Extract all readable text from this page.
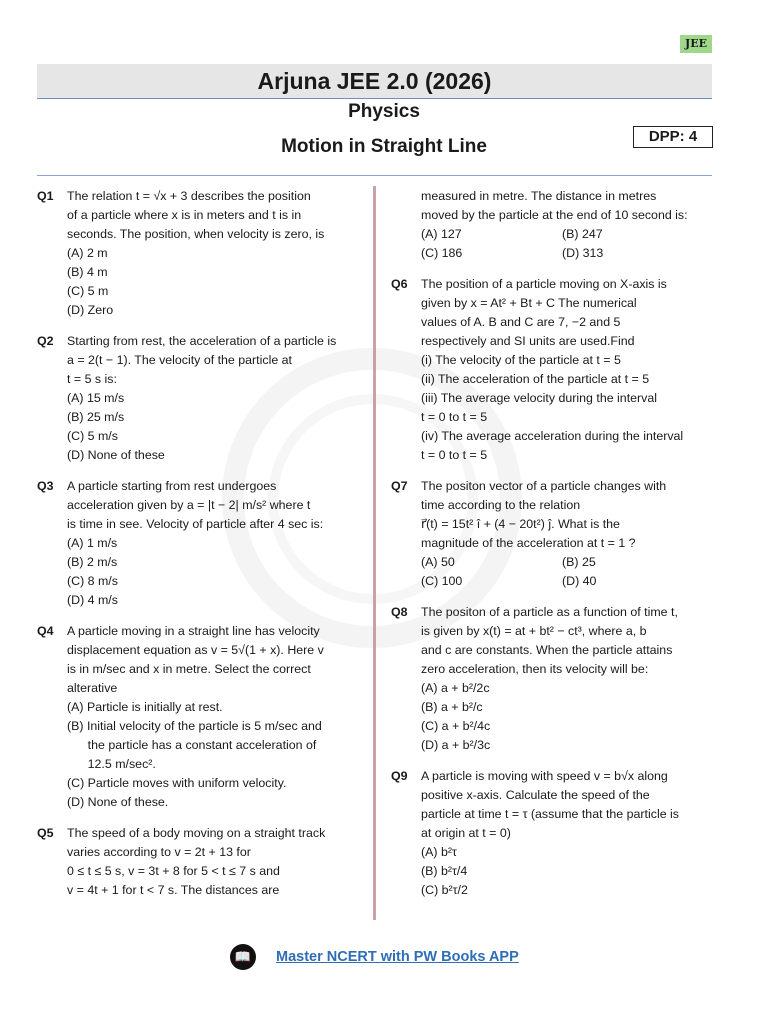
JEE
Arjuna JEE 2.0 (2026)
Physics
Motion in Straight Line	DPP: 4
Q1 The relation t = √x + 3 describes the position
of a particle where x is in meters and t is in
seconds. The position, when velocity is zero, is
(A) 2 m
(B) 4 m
(C) 5 m
(D) Zero
Q2 Starting from rest, the acceleration of a particle is
a = 2(t − 1). The velocity of the particle at
t = 5 s is:
(A) 15 m/s
(B) 25 m/s
(C) 5 m/s
(D) None of these
Q3 A particle starting from rest undergoes
acceleration given by a = |t − 2| m/s² where t
is time in see. Velocity of particle after 4 sec is:
(A) 1 m/s
(B) 2 m/s
(C) 8 m/s
(D) 4 m/s
Q4 A particle moving in a straight line has velocity
displacement equation as v = 5√(1 + x). Here v
is in m/sec and x in metre. Select the correct
alterative
(A) Particle is initially at rest.
(B) Initial velocity of the particle is 5 m/sec and
the particle has a constant acceleration of
12.5 m/sec².
(C) Particle moves with uniform velocity.
(D) None of these.
Q5 The speed of a body moving on a straight track
varies according to v = 2t + 13 for
0 ≤ t ≤ 5 s, v = 3t + 8 for 5 < t ≤ 7 s and
v = 4t + 1 for t < 7 s. The distances are
measured in metre. The distance in metres
moved by the particle at the end of 10 second is:
(A) 127	(B) 247
(C) 186	(D) 313
Q6 The position of a particle moving on X-axis is
given by x = At² + Bt + C The numerical
values of A. B and C are 7, −2 and 5
respectively and SI units are used.Find
(i) The velocity of the particle at t = 5
(ii) The acceleration of the particle at t = 5
(iii) The average velocity during the interval
t = 0 to t = 5
(iv) The average acceleration during the interval
t = 0 to t = 5
Q7 The positon vector of a particle changes with
time according to the relation
r⃗(t) = 15t² î + (4 − 20t²) ĵ. What is the
magnitude of the acceleration at t = 1 ?
(A) 50	(B) 25
(C) 100	(D) 40
Q8 The positon of a particle as a function of time t,
is given by x(t) = at + bt² − ct³, where a, b
and c are constants. When the particle attains
zero acceleration, then its velocity will be:
(A) a + b²/2c
(B) a + b²/c
(C) a + b²/4c
(D) a + b²/3c
Q9 A particle is moving with speed v = b√x along
positive x-axis. Calculate the speed of the
particle at time t = τ (assume that the particle is
at origin at t = 0)
(A) b²τ
(B) b²τ/4
(C) b²τ/2
📖	Master NCERT with PW Books APP
